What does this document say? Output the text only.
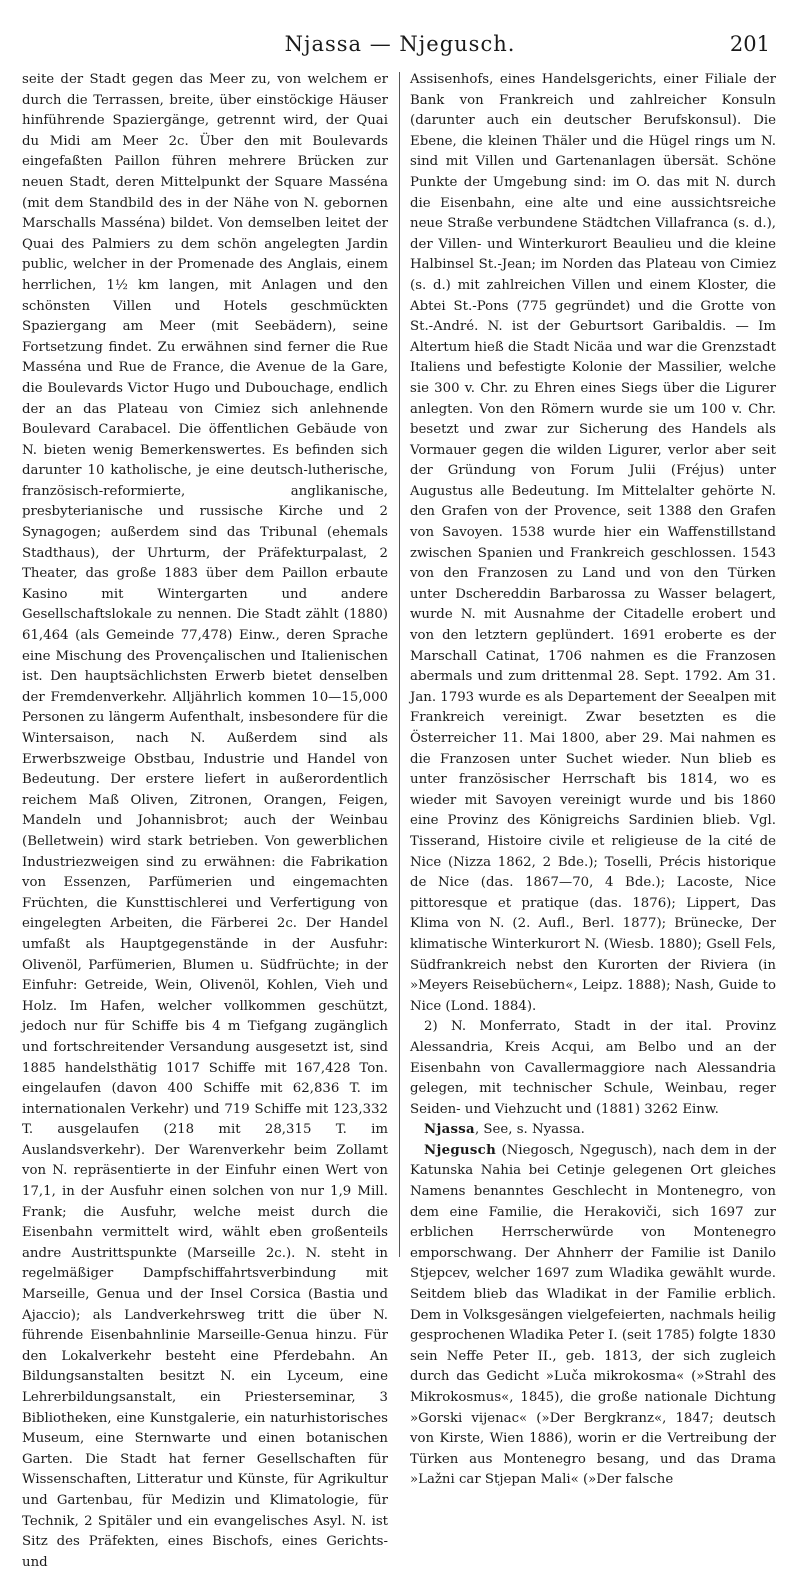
Njassa — Njegusch.	201

seite der Stadt gegen das Meer zu, von welchem er durch die Terrassen, breite, über einstöckige Häuser hinführende Spaziergänge, getrennt wird, der Quai du Midi am Meer 2c. Über den mit Boulevards eingefaßten Paillon führen mehrere Brücken zur neuen Stadt, deren Mittelpunkt der Square Masséna (mit dem Standbild des in der Nähe von N. gebornen Marschalls Masséna) bildet. Von demselben leitet der Quai des Palmiers zu dem schön angelegten Jardin public, welcher in der Promenade des Anglais, einem herrlichen, 1½ km langen, mit Anlagen und den schönsten Villen und Hotels geschmückten Spaziergang am Meer (mit Seebädern), seine Fortsetzung findet. Zu erwähnen sind ferner die Rue Masséna und Rue de France, die Avenue de la Gare, die Boulevards Victor Hugo und Dubouchage, endlich der an das Plateau von Cimiez sich anlehnende Boulevard Carabacel. Die öffentlichen Gebäude von N. bieten wenig Bemerkenswertes. Es befinden sich darunter 10 katholische, je eine deutsch-lutherische, französisch-reformierte, anglikanische, presbyterianische und russische Kirche und 2 Synagogen; außerdem sind das Tribunal (ehemals Stadthaus), der Uhrturm, der Präfekturpalast, 2 Theater, das große 1883 über dem Paillon erbaute Kasino mit Wintergarten und andere Gesellschaftslokale zu nennen. Die Stadt zählt (1880) 61,464 (als Gemeinde 77,478) Einw., deren Sprache eine Mischung des Provençalischen und Italienischen ist. Den hauptsächlichsten Erwerb bietet denselben der Fremdenverkehr. Alljährlich kommen 10—15,000 Personen zu längerm Aufenthalt, insbesondere für die Wintersaison, nach N. Außerdem sind als Erwerbszweige Obstbau, Industrie und Handel von Bedeutung. Der erstere liefert in außerordentlich reichem Maß Oliven, Zitronen, Orangen, Feigen, Mandeln und Johannisbrot; auch der Weinbau (Belletwein) wird stark betrieben. Von gewerblichen Industriezweigen sind zu erwähnen: die Fabrikation von Essenzen, Parfümerien und eingemachten Früchten, die Kunsttischlerei und Verfertigung von eingelegten Arbeiten, die Färberei 2c. Der Handel umfaßt als Hauptgegenstände in der Ausfuhr: Olivenöl, Parfümerien, Blumen u. Südfrüchte; in der Einfuhr: Getreide, Wein, Olivenöl, Kohlen, Vieh und Holz. Im Hafen, welcher vollkommen geschützt, jedoch nur für Schiffe bis 4 m Tiefgang zugänglich und fortschreitender Versandung ausgesetzt ist, sind 1885 handelsthätig 1017 Schiffe mit 167,428 Ton. eingelaufen (davon 400 Schiffe mit 62,836 T. im internationalen Verkehr) und 719 Schiffe mit 123,332 T. ausgelaufen (218 mit 28,315 T. im Auslandsverkehr). Der Warenverkehr beim Zollamt von N. repräsentierte in der Einfuhr einen Wert von 17,1, in der Ausfuhr einen solchen von nur 1,9 Mill. Frank; die Ausfuhr, welche meist durch die Eisenbahn vermittelt wird, wählt eben großenteils andre Austrittspunkte (Marseille 2c.). N. steht in regelmäßiger Dampfschiffahrtsverbindung mit Marseille, Genua und der Insel Corsica (Bastia und Ajaccio); als Landverkehrsweg tritt die über N. führende Eisenbahnlinie Marseille-Genua hinzu. Für den Lokalverkehr besteht eine Pferdebahn. An Bildungsanstalten besitzt N. ein Lyceum, eine Lehrerbildungsanstalt, ein Priesterseminar, 3 Bibliotheken, eine Kunstgalerie, ein naturhistorisches Museum, eine Sternwarte und einen botanischen Garten. Die Stadt hat ferner Gesellschaften für Wissenschaften, Litteratur und Künste, für Agrikultur und Gartenbau, für Medizin und Klimatologie, für Technik, 2 Spitäler und ein evangelisches Asyl. N. ist Sitz des Präfekten, eines Bischofs, eines Gerichts- und

Assisenhofs, eines Handelsgerichts, einer Filiale der Bank von Frankreich und zahlreicher Konsuln (darunter auch ein deutscher Berufskonsul). Die Ebene, die kleinen Thäler und die Hügel rings um N. sind mit Villen und Gartenanlagen übersät. Schöne Punkte der Umgebung sind: im O. das mit N. durch die Eisenbahn, eine alte und eine aussichtsreiche neue Straße verbundene Städtchen Villafranca (s. d.), der Villen- und Winterkurort Beaulieu und die kleine Halbinsel St.-Jean; im Norden das Plateau von Cimiez (s. d.) mit zahlreichen Villen und einem Kloster, die Abtei St.-Pons (775 gegründet) und die Grotte von St.-André. N. ist der Geburtsort Garibaldis. — Im Altertum hieß die Stadt Nicäa und war die Grenzstadt Italiens und befestigte Kolonie der Massilier, welche sie 300 v. Chr. zu Ehren eines Siegs über die Ligurer anlegten. Von den Römern wurde sie um 100 v. Chr. besetzt und zwar zur Sicherung des Handels als Vormauer gegen die wilden Ligurer, verlor aber seit der Gründung von Forum Julii (Fréjus) unter Augustus alle Bedeutung. Im Mittelalter gehörte N. den Grafen von der Provence, seit 1388 den Grafen von Savoyen. 1538 wurde hier ein Waffenstillstand zwischen Spanien und Frankreich geschlossen. 1543 von den Franzosen zu Land und von den Türken unter Dschereddin Barbarossa zu Wasser belagert, wurde N. mit Ausnahme der Citadelle erobert und von den letztern geplündert. 1691 eroberte es der Marschall Catinat, 1706 nahmen es die Franzosen abermals und zum drittenmal 28. Sept. 1792. Am 31. Jan. 1793 wurde es als Departement der Seealpen mit Frankreich vereinigt. Zwar besetzten es die Österreicher 11. Mai 1800, aber 29. Mai nahmen es die Franzosen unter Suchet wieder. Nun blieb es unter französischer Herrschaft bis 1814, wo es wieder mit Savoyen vereinigt wurde und bis 1860 eine Provinz des Königreichs Sardinien blieb. Vgl. Tisserand, Histoire civile et religieuse de la cité de Nice (Nizza 1862, 2 Bde.); Toselli, Précis historique de Nice (das. 1867—70, 4 Bde.); Lacoste, Nice pittoresque et pratique (das. 1876); Lippert, Das Klima von N. (2. Aufl., Berl. 1877); Brünecke, Der klimatische Winterkurort N. (Wiesb. 1880); Gsell Fels, Südfrankreich nebst den Kurorten der Riviera (in »Meyers Reisebüchern«, Leipz. 1888); Nash, Guide to Nice (Lond. 1884).

2) N. Monferrato, Stadt in der ital. Provinz Alessandria, Kreis Acqui, am Belbo und an der Eisenbahn von Cavallermaggiore nach Alessandria gelegen, mit technischer Schule, Weinbau, reger Seiden- und Viehzucht und (1881) 3262 Einw.

Njassa, See, s. Nyassa.

Njegusch (Niegosch, Ngegusch), nach dem in der Katunska Nahia bei Cetinje gelegenen Ort gleiches Namens benanntes Geschlecht in Montenegro, von dem eine Familie, die Herakoviči, sich 1697 zur erblichen Herrscherwürde von Montenegro emporschwang. Der Ahnherr der Familie ist Danilo Stjepcev, welcher 1697 zum Wladika gewählt wurde. Seitdem blieb das Wladikat in der Familie erblich. Dem in Volksgesängen vielgefeierten, nachmals heilig gesprochenen Wladika Peter I. (seit 1785) folgte 1830 sein Neffe Peter II., geb. 1813, der sich zugleich durch das Gedicht »Luča mikrokosma« (»Strahl des Mikrokosmus«, 1845), die große nationale Dichtung »Gorski vijenac« (»Der Bergkranz«, 1847; deutsch von Kirste, Wien 1886), worin er die Vertreibung der Türken aus Montenegro besang, und das Drama »Lažni car Stjepan Mali« (»Der falsche
